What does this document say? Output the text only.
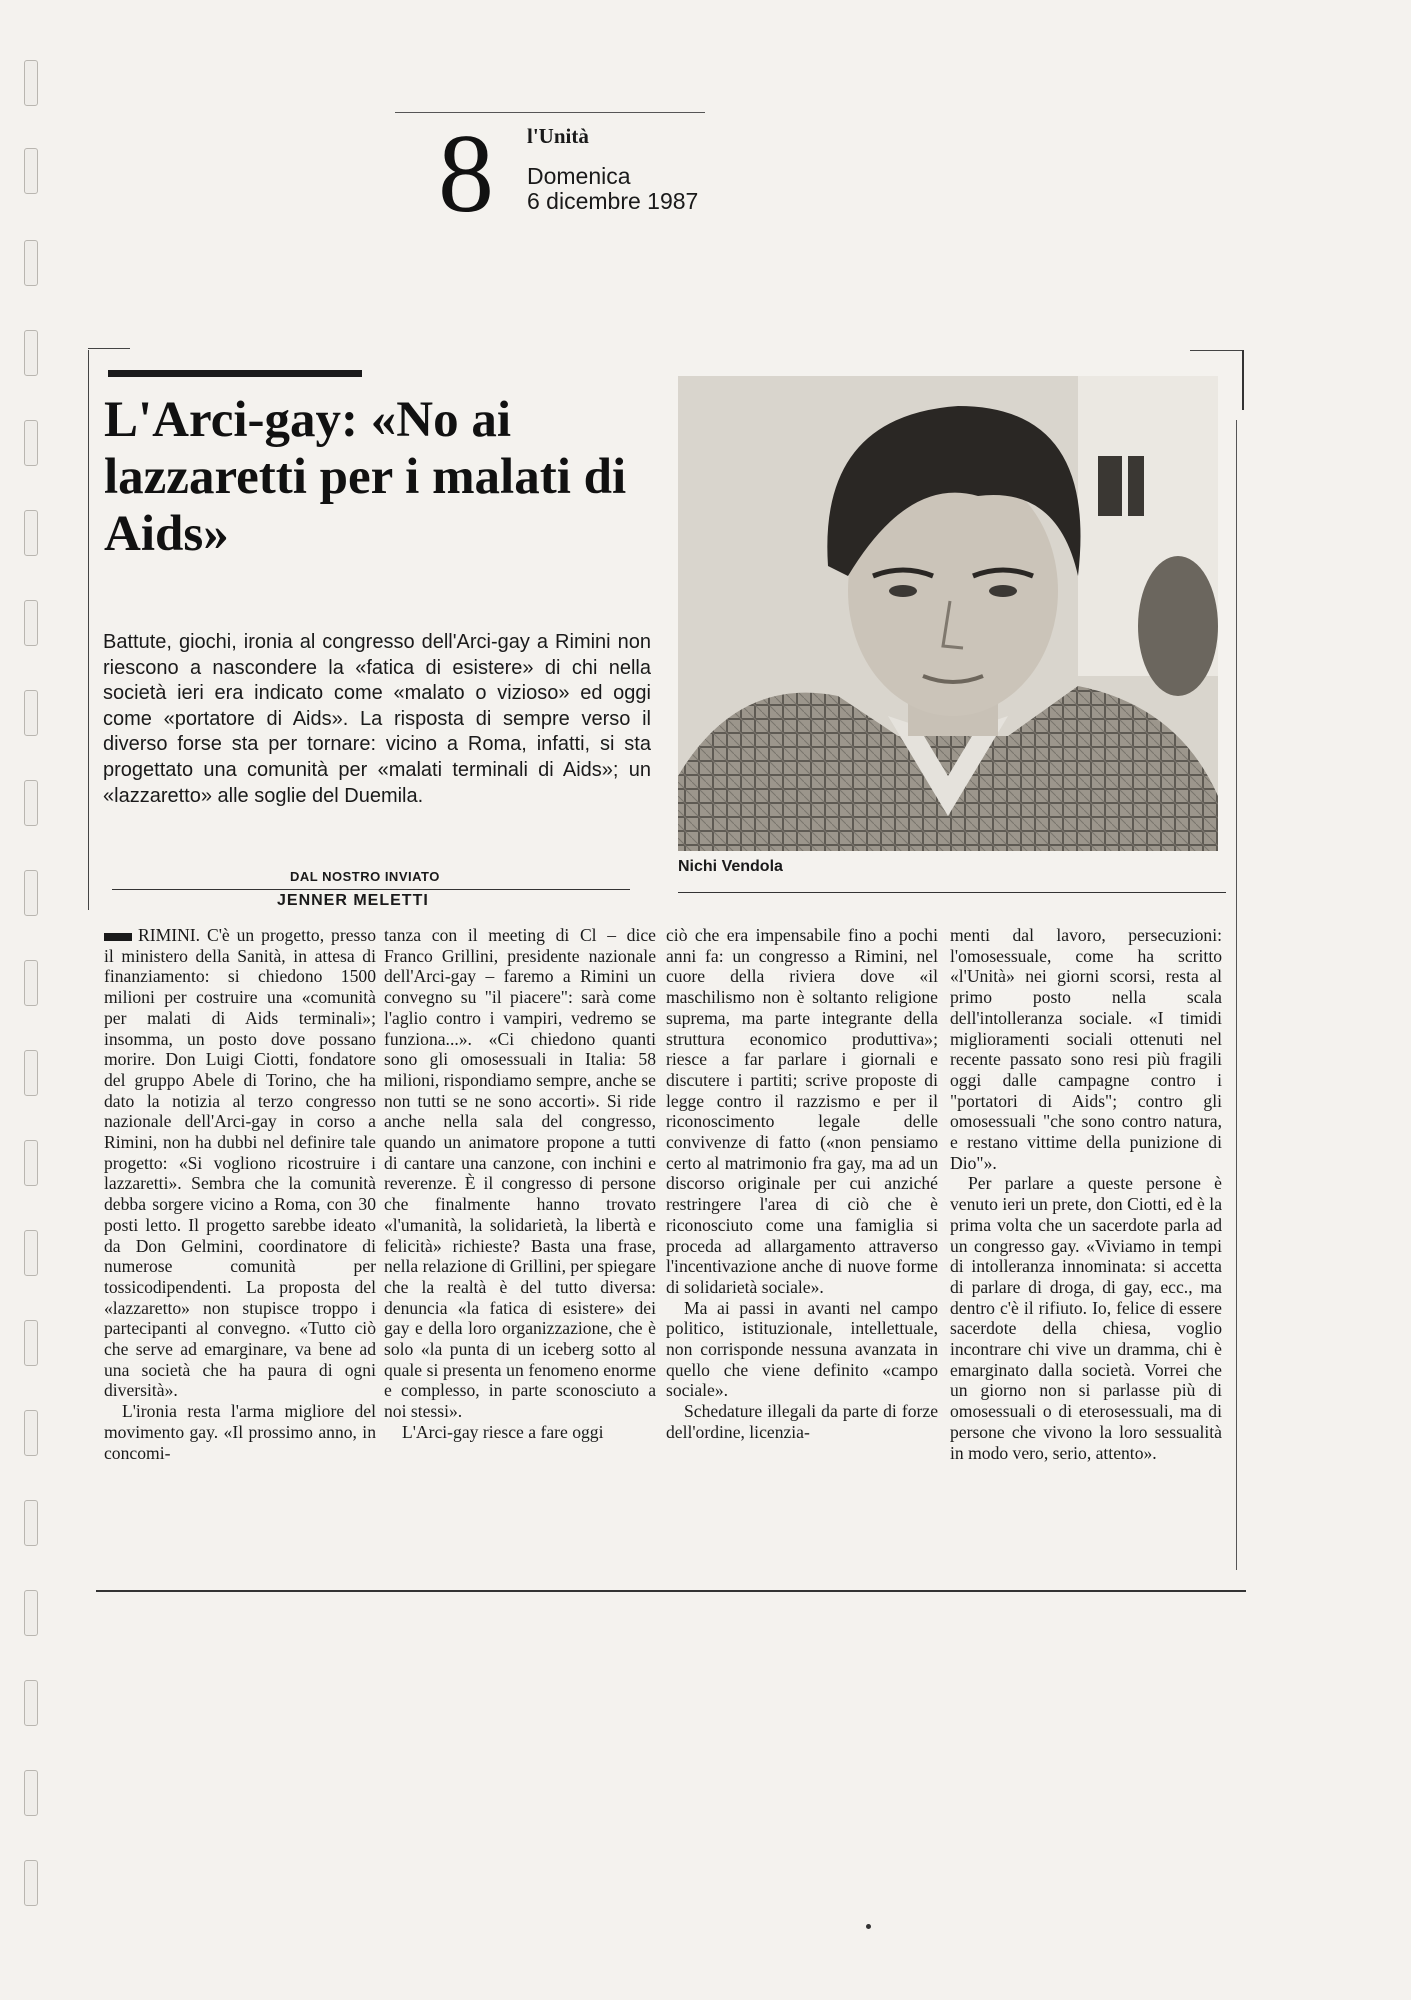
8 l'Unità
Domenica
6 dicembre 1987
L'Arci-gay: «No ai lazzaretti per i malati di Aids»

Battute, giochi, ironia al congresso dell'Arci-gay a Rimini non riescono a nascondere la «fatica di esistere» di chi nella società ieri era indicato come «malato o vizioso» ed oggi come «portatore di Aids». La risposta di sempre verso il diverso forse sta per tornare: vicino a Roma, infatti, si sta progettato una comunità per «malati terminali di Aids»; un «lazzaretto» alle soglie del Duemila.

Nichi Vendola
DAL NOSTRO INVIATO
JENNER MELETTI

RIMINI. C'è un progetto, presso il ministero della Sanità, in attesa di finanziamento: si chiedono 1500 milioni per costruire una «comunità per malati di Aids terminali»; insomma, un posto dove possano morire. Don Luigi Ciotti, fondatore del gruppo Abele di Torino, che ha dato la notizia al terzo congresso nazionale dell'Arci-gay in corso a Rimini, non ha dubbi nel definire tale progetto: «Si vogliono ricostruire i lazzaretti». Sembra che la comunità debba sorgere vicino a Roma, con 30 posti letto. Il progetto sarebbe ideato da Don Gelmini, coordinatore di numerose comunità per tossicodipendenti. La proposta del «lazzaretto» non stupisce troppo i partecipanti al convegno. «Tutto ciò che serve ad emarginare, va bene ad una società che ha paura di ogni diversità».

L'ironia resta l'arma migliore del movimento gay. «Il prossimo anno, in concomi-

tanza con il meeting di Cl – dice Franco Grillini, presidente nazionale dell'Arci-gay – faremo a Rimini un convegno su "il piacere": sarà come l'aglio contro i vampiri, vedremo se funziona...». «Ci chiedono quanti sono gli omosessuali in Italia: 58 milioni, rispondiamo sempre, anche se non tutti se ne sono accorti». Si ride anche nella sala del congresso, quando un animatore propone a tutti di cantare una canzone, con inchini e reverenze. È il congresso di persone che finalmente hanno trovato «l'umanità, la solidarietà, la libertà e felicità» richieste? Basta una frase, nella relazione di Grillini, per spiegare che la realtà è del tutto diversa: denuncia «la fatica di esistere» dei gay e della loro organizzazione, che è solo «la punta di un iceberg sotto al quale si presenta un fenomeno enorme e complesso, in parte sconosciuto a noi stessi».

L'Arci-gay riesce a fare oggi

ciò che era impensabile fino a pochi anni fa: un congresso a Rimini, nel cuore della riviera dove «il maschilismo non è soltanto religione suprema, ma parte integrante della struttura economico produttiva»; riesce a far parlare i giornali e discutere i partiti; scrive proposte di legge contro il razzismo e per il riconoscimento legale delle convivenze di fatto («non pensiamo certo al matrimonio fra gay, ma ad un discorso originale per cui anziché restringere l'area di ciò che è riconosciuto come una famiglia si proceda ad allargamento attraverso l'incentivazione anche di nuove forme di solidarietà sociale».

Ma ai passi in avanti nel campo politico, istituzionale, intellettuale, non corrisponde nessuna avanzata in quello che viene definito «campo sociale».

Schedature illegali da parte di forze dell'ordine, licenzia-

menti dal lavoro, persecuzioni: l'omosessuale, come ha scritto «l'Unità» nei giorni scorsi, resta al primo posto nella scala dell'intolleranza sociale. «I timidi miglioramenti sociali ottenuti nel recente passato sono resi più fragili oggi dalle campagne contro i "portatori di Aids"; contro gli omosessuali "che sono contro natura, e restano vittime della punizione di Dio"».

Per parlare a queste persone è venuto ieri un prete, don Ciotti, ed è la prima volta che un sacerdote parla ad un congresso gay. «Viviamo in tempi di intolleranza innominata: si accetta di parlare di droga, di gay, ecc., ma dentro c'è il rifiuto. Io, felice di essere sacerdote della chiesa, voglio incontrare chi vive un dramma, chi è emarginato dalla società. Vorrei che un giorno non si parlasse più di omosessuali o di eterosessuali, ma di persone che vivono la loro sessualità in modo vero, serio, attento».
